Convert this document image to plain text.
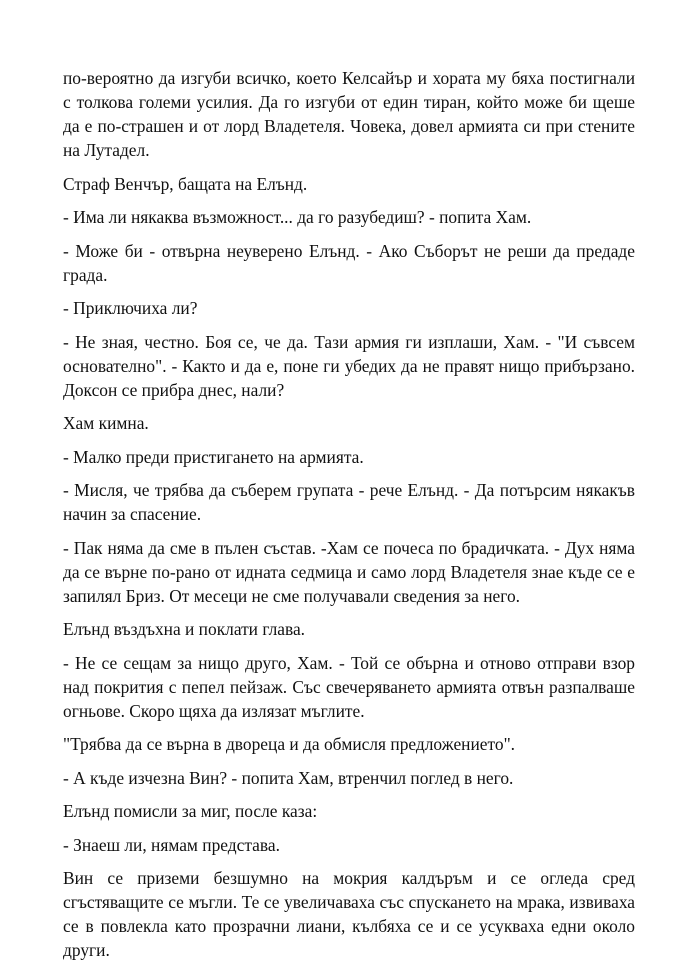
по-вероятно да изгуби всичко, което Келсайър и хората му бяха постигнали с толкова големи усилия. Да го изгуби от един тиран, който може би щеше да е по-страшен и от лорд Владетеля. Човека, довел армията си при стените на Лутадел.

Страф Венчър, бащата на Елънд.

- Има ли някаква възможност... да го разубедиш? - попита Хам.

- Може би - отвърна неуверено Елънд. - Ако Съборът не реши да предаде града.

- Приключиха ли?

- Не зная, честно. Боя се, че да. Тази армия ги изплаши, Хам. - "И съвсем основателно". - Както и да е, поне ги убедих да не правят нищо прибързано. Доксон се прибра днес, нали?

Хам кимна.

- Малко преди пристигането на армията.

- Мисля, че трябва да съберем групата - рече Елънд. - Да потърсим някакъв начин за спасение.

- Пак няма да сме в пълен състав. -Хам се почеса по брадичката. - Дух няма да се върне по-рано от идната седмица и само лорд Владетеля знае къде се е запилял Бриз. От месеци не сме получавали сведения за него.

Елънд въздъхна и поклати глава.

- Не се сещам за нищо друго, Хам. - Той се обърна и отново отправи взор над покрития с пепел пейзаж. Със свечеряването армията отвън разпалваше огньове. Скоро щяха да излязат мъглите.

"Трябва да се върна в двореца и да обмисля предложението".

- А къде изчезна Вин? - попита Хам, втренчил поглед в него.

Елънд помисли за миг, после каза:

- Знаеш ли, нямам представа.

Вин се приземи безшумно на мокрия калдъръм и се огледа сред сгъстяващите се мъгли. Те се увеличаваха със спускането на мрака, извиваха се в повлекла като прозрачни лиани, кълбяха се и се усукваха едни около други.
